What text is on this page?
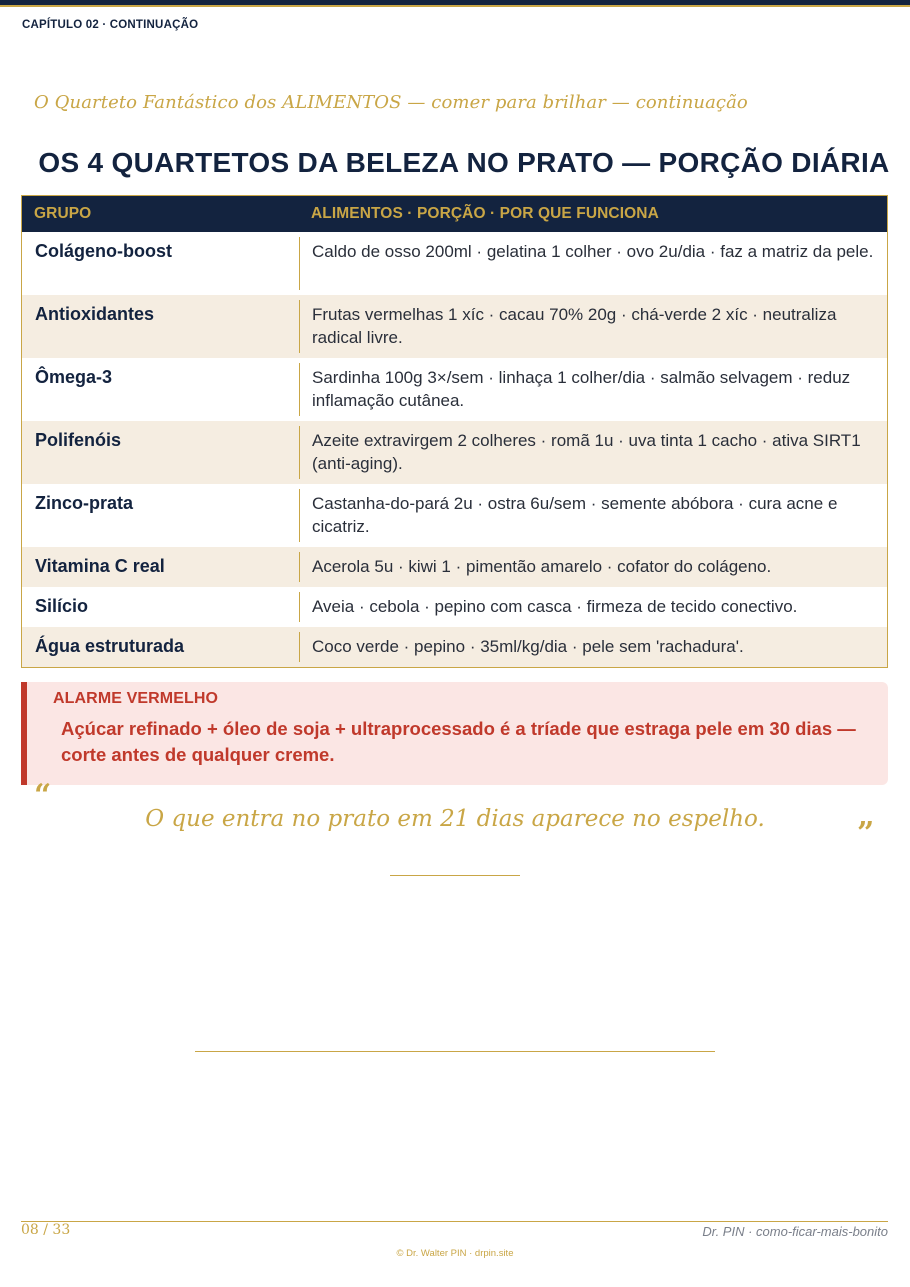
CAPÍTULO 02 · CONTINUAÇÃO
O Quarteto Fantástico dos ALIMENTOS — comer para brilhar — continuação
OS 4 QUARTETOS DA BELEZA NO PRATO — PORÇÃO DIÁRIA
GRUPO	ALIMENTOS · PORÇÃO · POR QUE FUNCIONA
Colágeno-boost	Caldo de osso 200ml · gelatina 1 colher · ovo 2u/dia · faz a matriz da pele.
Antioxidantes	Frutas vermelhas 1 xíc · cacau 70% 20g · chá-verde 2 xíc · neutraliza radical livre.
Ômega-3	Sardinha 100g 3×/sem · linhaça 1 colher/dia · salmão selvagem · reduz inflamação cutânea.
Polifenóis	Azeite extravirgem 2 colheres · romã 1u · uva tinta 1 cacho · ativa SIRT1 (anti-aging).
Zinco-prata	Castanha-do-pará 2u · ostra 6u/sem · semente abóbora · cura acne e cicatriz.
Vitamina C real	Acerola 5u · kiwi 1 · pimentão amarelo · cofator do colágeno.
Silício	Aveia · cebola · pepino com casca · firmeza de tecido conectivo.
Água estruturada	Coco verde · pepino · 35ml/kg/dia · pele sem 'rachadura'.
ALARME VERMELHO
Açúcar refinado + óleo de soja + ultraprocessado é a tríade que estraga pele em 30 dias — corte antes de qualquer creme.
“
O que entra no prato em 21 dias aparece no espelho.	”
08 / 33	Dr. PIN · como-ficar-mais-bonito
© Dr. Walter PIN · drpin.site
